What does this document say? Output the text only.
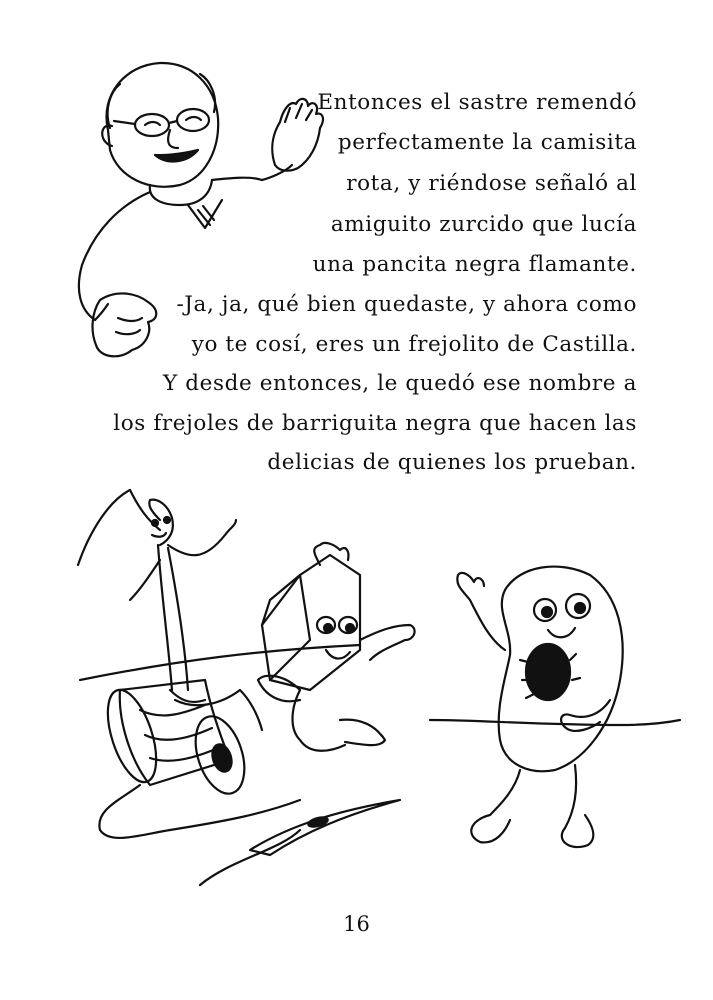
Entonces el sastre remendó
perfectamente la camisita
rota, y riéndose señaló al
amiguito zurcido que lucía
una pancita negra flamante.
-Ja, ja, qué bien quedaste, y ahora como
yo te cosí, eres un frejolito de Castilla.
Y desde entonces, le quedó ese nombre a
los frejoles de barriguita negra que hacen las
delicias de quienes los prueban.
16
